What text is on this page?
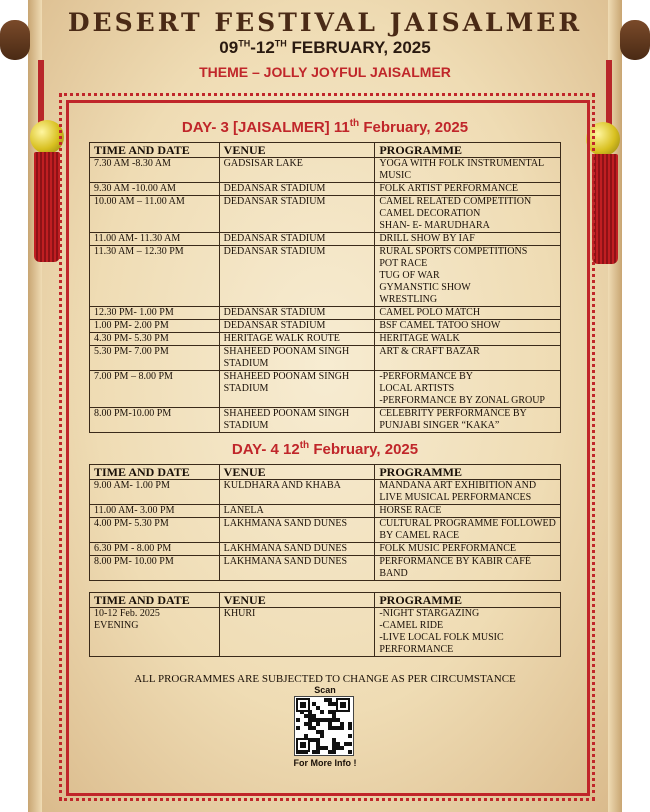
DESERT FESTIVAL JAISALMER
09TH-12TH FEBRUARY, 2025
THEME – JOLLY JOYFUL JAISALMER
DAY- 3 [JAISALMER] 11th February, 2025
TIME AND DATE	VENUE	PROGRAMME
7.30 AM -8.30 AM	GADSISAR LAKE	YOGA WITH FOLK INSTRUMENTAL MUSIC
9.30 AM -10.00 AM	DEDANSAR STADIUM	FOLK ARTIST PERFORMANCE
10.00 AM – 11.00 AM	DEDANSAR STADIUM	CAMEL RELATED COMPETITION
CAMEL DECORATION
SHAN- E- MARUDHARA
11.00 AM- 11.30 AM	DEDANSAR STADIUM	DRILL SHOW BY IAF
11.30 AM – 12.30 PM	DEDANSAR STADIUM	RURAL SPORTS COMPETITIONS
POT RACE
TUG OF WAR
GYMANSTIC SHOW
WRESTLING
12.30 PM- 1.00 PM	DEDANSAR STADIUM	CAMEL POLO MATCH
1.00 PM- 2.00 PM	DEDANSAR STADIUM	BSF CAMEL TATOO SHOW
4.30 PM- 5.30 PM	HERITAGE WALK ROUTE	HERITAGE WALK
5.30 PM- 7.00 PM	SHAHEED POONAM SINGH STADIUM	ART & CRAFT BAZAR
7.00 PM – 8.00 PM	SHAHEED POONAM SINGH STADIUM	-PERFORMANCE BY
LOCAL ARTISTS
-PERFORMANCE BY ZONAL GROUP
8.00 PM-10.00 PM	SHAHEED POONAM SINGH STADIUM	CELEBRITY PERFORMANCE BY PUNJABI SINGER “KAKA”
DAY- 4 12th February, 2025
TIME AND DATE	VENUE	PROGRAMME
9.00 AM- 1.00 PM	KULDHARA AND KHABA	MANDANA ART EXHIBITION AND LIVE MUSICAL PERFORMANCES
11.00 AM- 3.00 PM	LANELA	HORSE RACE
4.00 PM- 5.30 PM	LAKHMANA SAND DUNES	CULTURAL PROGRAMME FOLLOWED BY CAMEL RACE
6.30 PM - 8.00 PM	LAKHMANA SAND DUNES	FOLK MUSIC PERFORMANCE
8.00 PM- 10.00 PM	LAKHMANA SAND DUNES	PERFORMANCE BY KABIR CAFÉ BAND
TIME AND DATE	VENUE	PROGRAMME
10-12 Feb. 2025
EVENING	KHURI	-NIGHT STARGAZING
-CAMEL RIDE
-LIVE LOCAL FOLK MUSIC PERFORMANCE
ALL PROGRAMMES ARE SUBJECTED TO CHANGE AS PER CIRCUMSTANCE
Scan
For More Info !
